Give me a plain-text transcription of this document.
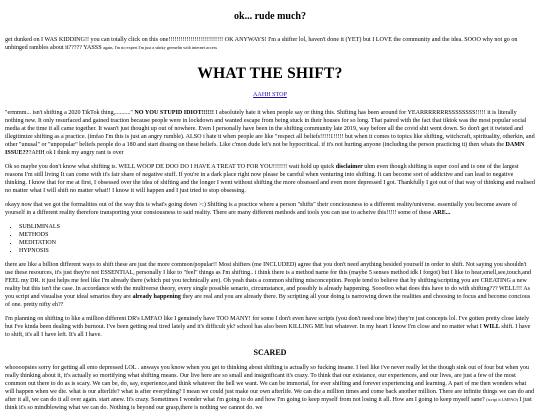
ok... rude much?

get dunked on I WAS KIDDING!! you can totally click on this one!!!!!!!!!!!!!!!!!!!!!!!!!!! OK ANYWAYS! I'm a shifter lol, haven't done it (YET) but I LOVE the community and the idea. SOOO why not go on unhinged rambles about it????? YASSS again, I'm no expert I'm just a stinky gremelin with internet access

WHAT THE SHIFT?
AAHH STOP

"ermmm... isn't shifting a 2020 TikTok thing,.........." NO YOU STUPID IDIOT!!!!!! I absolutely hate it when people say or thing this. Shifting has been around for YEARRRRRRRSSSSSSSS!!!!! it is literally nothing new. It only resurfaced and gained traction because people were in lockdown and wanted escape from being stuck in their houses for so long. That paired with the fact that tiktok was the most popular social media at the time it all came together. It wasn't just thought up out of nowhere. Even I personally have been in the shifting community late 2019, way before all the covid shit went down. So don't get it twisted and illegitimize shifting as a practice. (imfao I'm this is just an angry rumble). ALSO i hate it when people are like "respect all beliefs!!!!!1!!!!! but when it comes to topics like shifting, witchcraft, spirituality, otherkin, and other "unusal" or "unpopular" beliefs people do a 180 and start dissing on these beliefs. Like c'mon dude let's not be hypocritical. if it's not hurting anyone (including the person practicing it) then whats the DAMN ISSUE???AHH ok I think my angry rant is over

Ok so maybe you don't know what shifting is. WELL WOOP DE DOO DO I HAVE A TREAT TO FOR YOU!!!!!!! wait hold up quick disclaimer uhm even though shifting is super cool and is one of the largest reasons I'm still living It can come with it's fair share of negative stuff. If you're in a dark place right now please be careful when venturing into shifting. It can become sort of addictive and can lead to negative thinking. I know that for me at first, I obsessed over the idea of shifting and the longer I went without shifting the more obsessed and even more depressed I got. Thankfully I got out of that way of thinking and realised no matter what I will shift no matter what!! I know it will happen and I just tried to stop obsessing.

okayy now that we got the formalities out of the way this is what's going down >:) Shifting is a practice where a person "shifts" their conciousness to a different reality/universe. essentially you become aware of yourself in a different reality therefore transporting your consiousness to said reality. There are many different methods and tools you can use to acheive this!!!!! some of these ARE...

• SUBLIMINALS
• METHODS
• MEDITATION
• HYPNOSIS

there are like a billion different ways to shift these are just the more common/popular!! Most shifters (me INCLUDED) agree that you don't need anything besided yourself in order to shift. Not saying you shouldn't use these resources, it's just they're not ESSENTIAL, personally I like to "feel" things as I'm shifting.. i think there is a method name for this (maybe 5 senses method idk I forgot) but I like to hear,smell,see,touch,and FEEL my DR. it just helps me feel like I'm already there (which put you technically are). Oh yeah thats a common shifting misconception. People tend to believe that by shifting/scripting you are CREATING a new reality but this isn't the case. In accordance with the multiverse theory, every single possible senario, circumstance, and possibly is already happening. Sooo0oo what does this have to do with shifting??? WELL!!! As you script and visualise your ideal senarios they are already happening they are real and you are already there. By scripting all your doing is narrowing down the realities and choosing to focus and become concious of one. pretty nifty eh??

I'm planning on shifting to like a million different DR's LMFAO like I genuinely have TOO MANY! for some I don't even have scripts (you don't need one btw) they're just concepts lol. I've gotten pretty close lately but I've kinda been dealing with burnout. I've been getting real tired lately and it's difficult yk? school has also been KILLING ME but whatever. In my heart I know I'm close and no matter what I WILL shift. I have to shift, it's all I have left. It's all I have.

SCARED

whoooopsies sorry for getting all emo depressed LOL . anways you know when you get to thinking about shifting is actually so fucking insane. I feel like i've never really let the though sink out of four but when you really thinking about it, it's actually so mortifying what shifting means. Our live here are so small and insignificant it's crazy. To think that our existance, our experiences, and our lives, are just a few of the most common out there to do as is scary. We can be, do, say, experience,and think whatever the hell we want. We can be immortal, for ever shifting and forever experiencing and learning. A part of me then wonders what will happen when we die. what is our afterlife? what is after everything? I mean we could just make our own afterlife. We can die a million times and come back another million. There are infinite things we can do and after it all, we can do it all over again. start anew. It's crazy. Sometimes I wonder what i'm going to do and how I'm going to keep myself from not losing it all. How am I going to keep myself sane? (script it LMFAO) I just think it's so mindblowing what we can do. Nothing is beyond our grasp,there is nothing we cannot do. we
